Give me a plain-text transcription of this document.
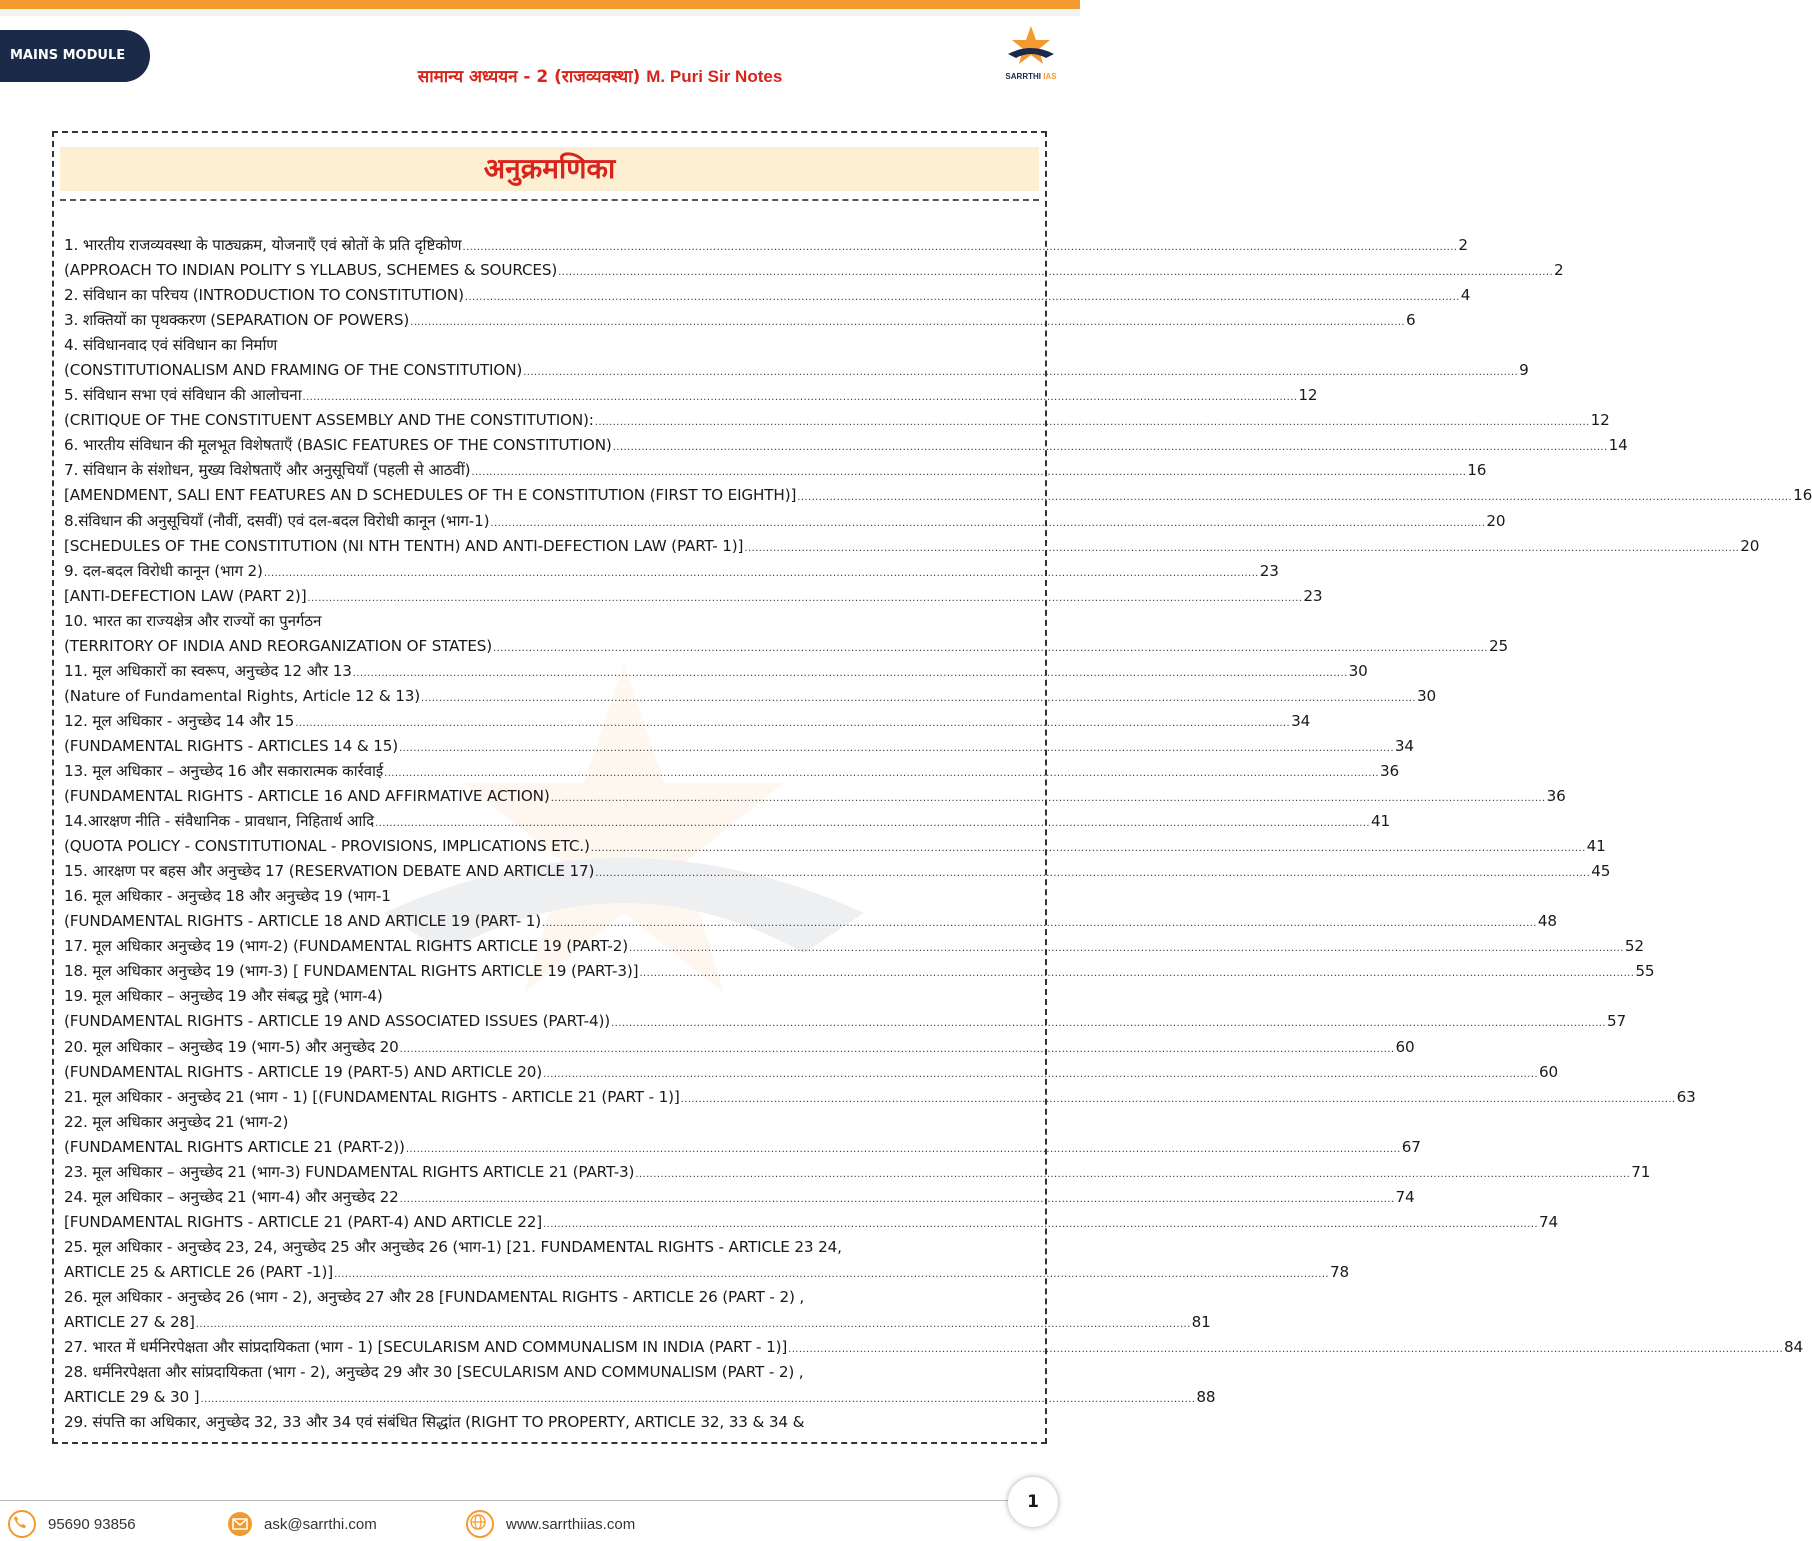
MAINS MODULE
सामान्य अध्ययन - 2 (राजव्यवस्था) M. Puri Sir Notes	SARRTHI IAS
अनुक्रमणिका
1. भारतीय राजव्यवस्था के पाठ्यक्रम, योजनाएँ एवं स्रोतों के प्रति दृष्टिकोण .....	2
(APPROACH TO INDIAN POLITY S YLLABUS, SCHEMES & SOURCES) .....	2
2. संविधान का परिचय (INTRODUCTION TO CONSTITUTION) .....	4
3. शक्तियों का पृथक्करण (SEPARATION OF POWERS) .....	6
4. संविधानवाद एवं संविधान का निर्माण
(CONSTITUTIONALISM AND FRAMING OF THE CONSTITUTION) .....	9
5. संविधान सभा एवं संविधान की आलोचना .....	12
(CRITIQUE OF THE CONSTITUENT ASSEMBLY AND THE CONSTITUTION): .....	12
6. भारतीय संविधान की मूलभूत विशेषताएँ (BASIC FEATURES OF THE CONSTITUTION) .....	14
7. संविधान के संशोधन, मुख्य विशेषताएँ और अनुसूचियाँ (पहली से आठवीं) .....	16
[AMENDMENT, SALI ENT FEATURES AN D SCHEDULES OF TH E CONSTITUTION (FIRST TO EIGHTH)] .....	16
8.संविधान की अनुसूचियाँ (नौवीं, दसवीं) एवं दल-बदल विरोधी कानून (भाग-1) .....	20
[SCHEDULES OF THE CONSTITUTION (NI NTH TENTH) AND ANTI-DEFECTION LAW (PART- 1)] .....	20
9. दल-बदल विरोधी कानून (भाग 2) .....	23
[ANTI-DEFECTION LAW (PART 2)] .....	23
10. भारत का राज्यक्षेत्र और राज्यों का पुनर्गठन
(TERRITORY OF INDIA AND REORGANIZATION OF STATES) .....	25
11. मूल अधिकारों का स्वरूप, अनुच्छेद 12 और 13 .....	30
(Nature of Fundamental Rights, Article 12 & 13) .....	30
12. मूल अधिकार - अनुच्छेद 14 और 15 .....	34
(FUNDAMENTAL RIGHTS - ARTICLES 14 & 15) .....	34
13. मूल अधिकार – अनुच्छेद 16 और सकारात्मक कार्रवाई .....	36
(FUNDAMENTAL RIGHTS - ARTICLE 16 AND AFFIRMATIVE ACTION) .....	36
14.आरक्षण नीति - संवैधानिक - प्रावधान, निहितार्थ आदि .....	41
(QUOTA POLICY - CONSTITUTIONAL - PROVISIONS, IMPLICATIONS ETC.) .....	41
15. आरक्षण पर बहस और अनुच्छेद 17 (RESERVATION DEBATE AND ARTICLE 17) .....	45
16. मूल अधिकार - अनुच्छेद 18 और अनुच्छेद 19 (भाग-1
(FUNDAMENTAL RIGHTS - ARTICLE 18 AND ARTICLE 19 (PART- 1) .....	48
17. मूल अधिकार अनुच्छेद 19 (भाग-2) (FUNDAMENTAL RIGHTS ARTICLE 19 (PART-2) .....	52
18. मूल अधिकार अनुच्छेद 19 (भाग-3) [ FUNDAMENTAL RIGHTS ARTICLE 19 (PART-3)] .....	55
19. मूल अधिकार – अनुच्छेद 19 और संबद्ध मुद्दे (भाग-4)
(FUNDAMENTAL RIGHTS - ARTICLE 19 AND ASSOCIATED ISSUES (PART-4)) .....	57
20. मूल अधिकार – अनुच्छेद 19 (भाग-5) और अनुच्छेद 20 .....	60
(FUNDAMENTAL RIGHTS - ARTICLE 19 (PART-5) AND ARTICLE 20) .....	60
21. मूल अधिकार - अनुच्छेद 21 (भाग - 1) [(FUNDAMENTAL RIGHTS - ARTICLE 21 (PART - 1)] .....	63
22. मूल अधिकार अनुच्छेद 21 (भाग-2)
(FUNDAMENTAL RIGHTS ARTICLE 21 (PART-2)) .....	67
23. मूल अधिकार – अनुच्छेद 21 (भाग-3) FUNDAMENTAL RIGHTS ARTICLE 21 (PART-3) .....	71
24. मूल अधिकार – अनुच्छेद 21 (भाग-4) और अनुच्छेद 22 .....	74
[FUNDAMENTAL RIGHTS - ARTICLE 21 (PART-4) AND ARTICLE 22] .....	74
25. मूल अधिकार - अनुच्छेद 23, 24, अनुच्छेद 25 और अनुच्छेद 26 (भाग-1) [21. FUNDAMENTAL RIGHTS - ARTICLE 23 24,
ARTICLE 25 & ARTICLE 26 (PART -1)] .....	78
26. मूल अधिकार - अनुच्छेद 26 (भाग - 2), अनुच्छेद 27 और 28 [FUNDAMENTAL RIGHTS - ARTICLE 26 (PART - 2) ,
ARTICLE 27 & 28] .....	81
27. भारत में धर्मनिरपेक्षता और सांप्रदायिकता (भाग - 1) [SECULARISM AND COMMUNALISM IN INDIA (PART - 1)] .....	84
28. धर्मनिरपेक्षता और सांप्रदायिकता (भाग - 2), अनुच्छेद 29 और 30 [SECULARISM AND COMMUNALISM (PART - 2) ,
ARTICLE 29 & 30 ] .....	88
29. संपत्ति का अधिकार, अनुच्छेद 32, 33 और 34 एवं संबंधित सिद्धांत (RIGHT TO PROPERTY, ARTICLE 32, 33 & 34 &
95690 93856	ask@sarrthi.com	www.sarrthiias.com
1
